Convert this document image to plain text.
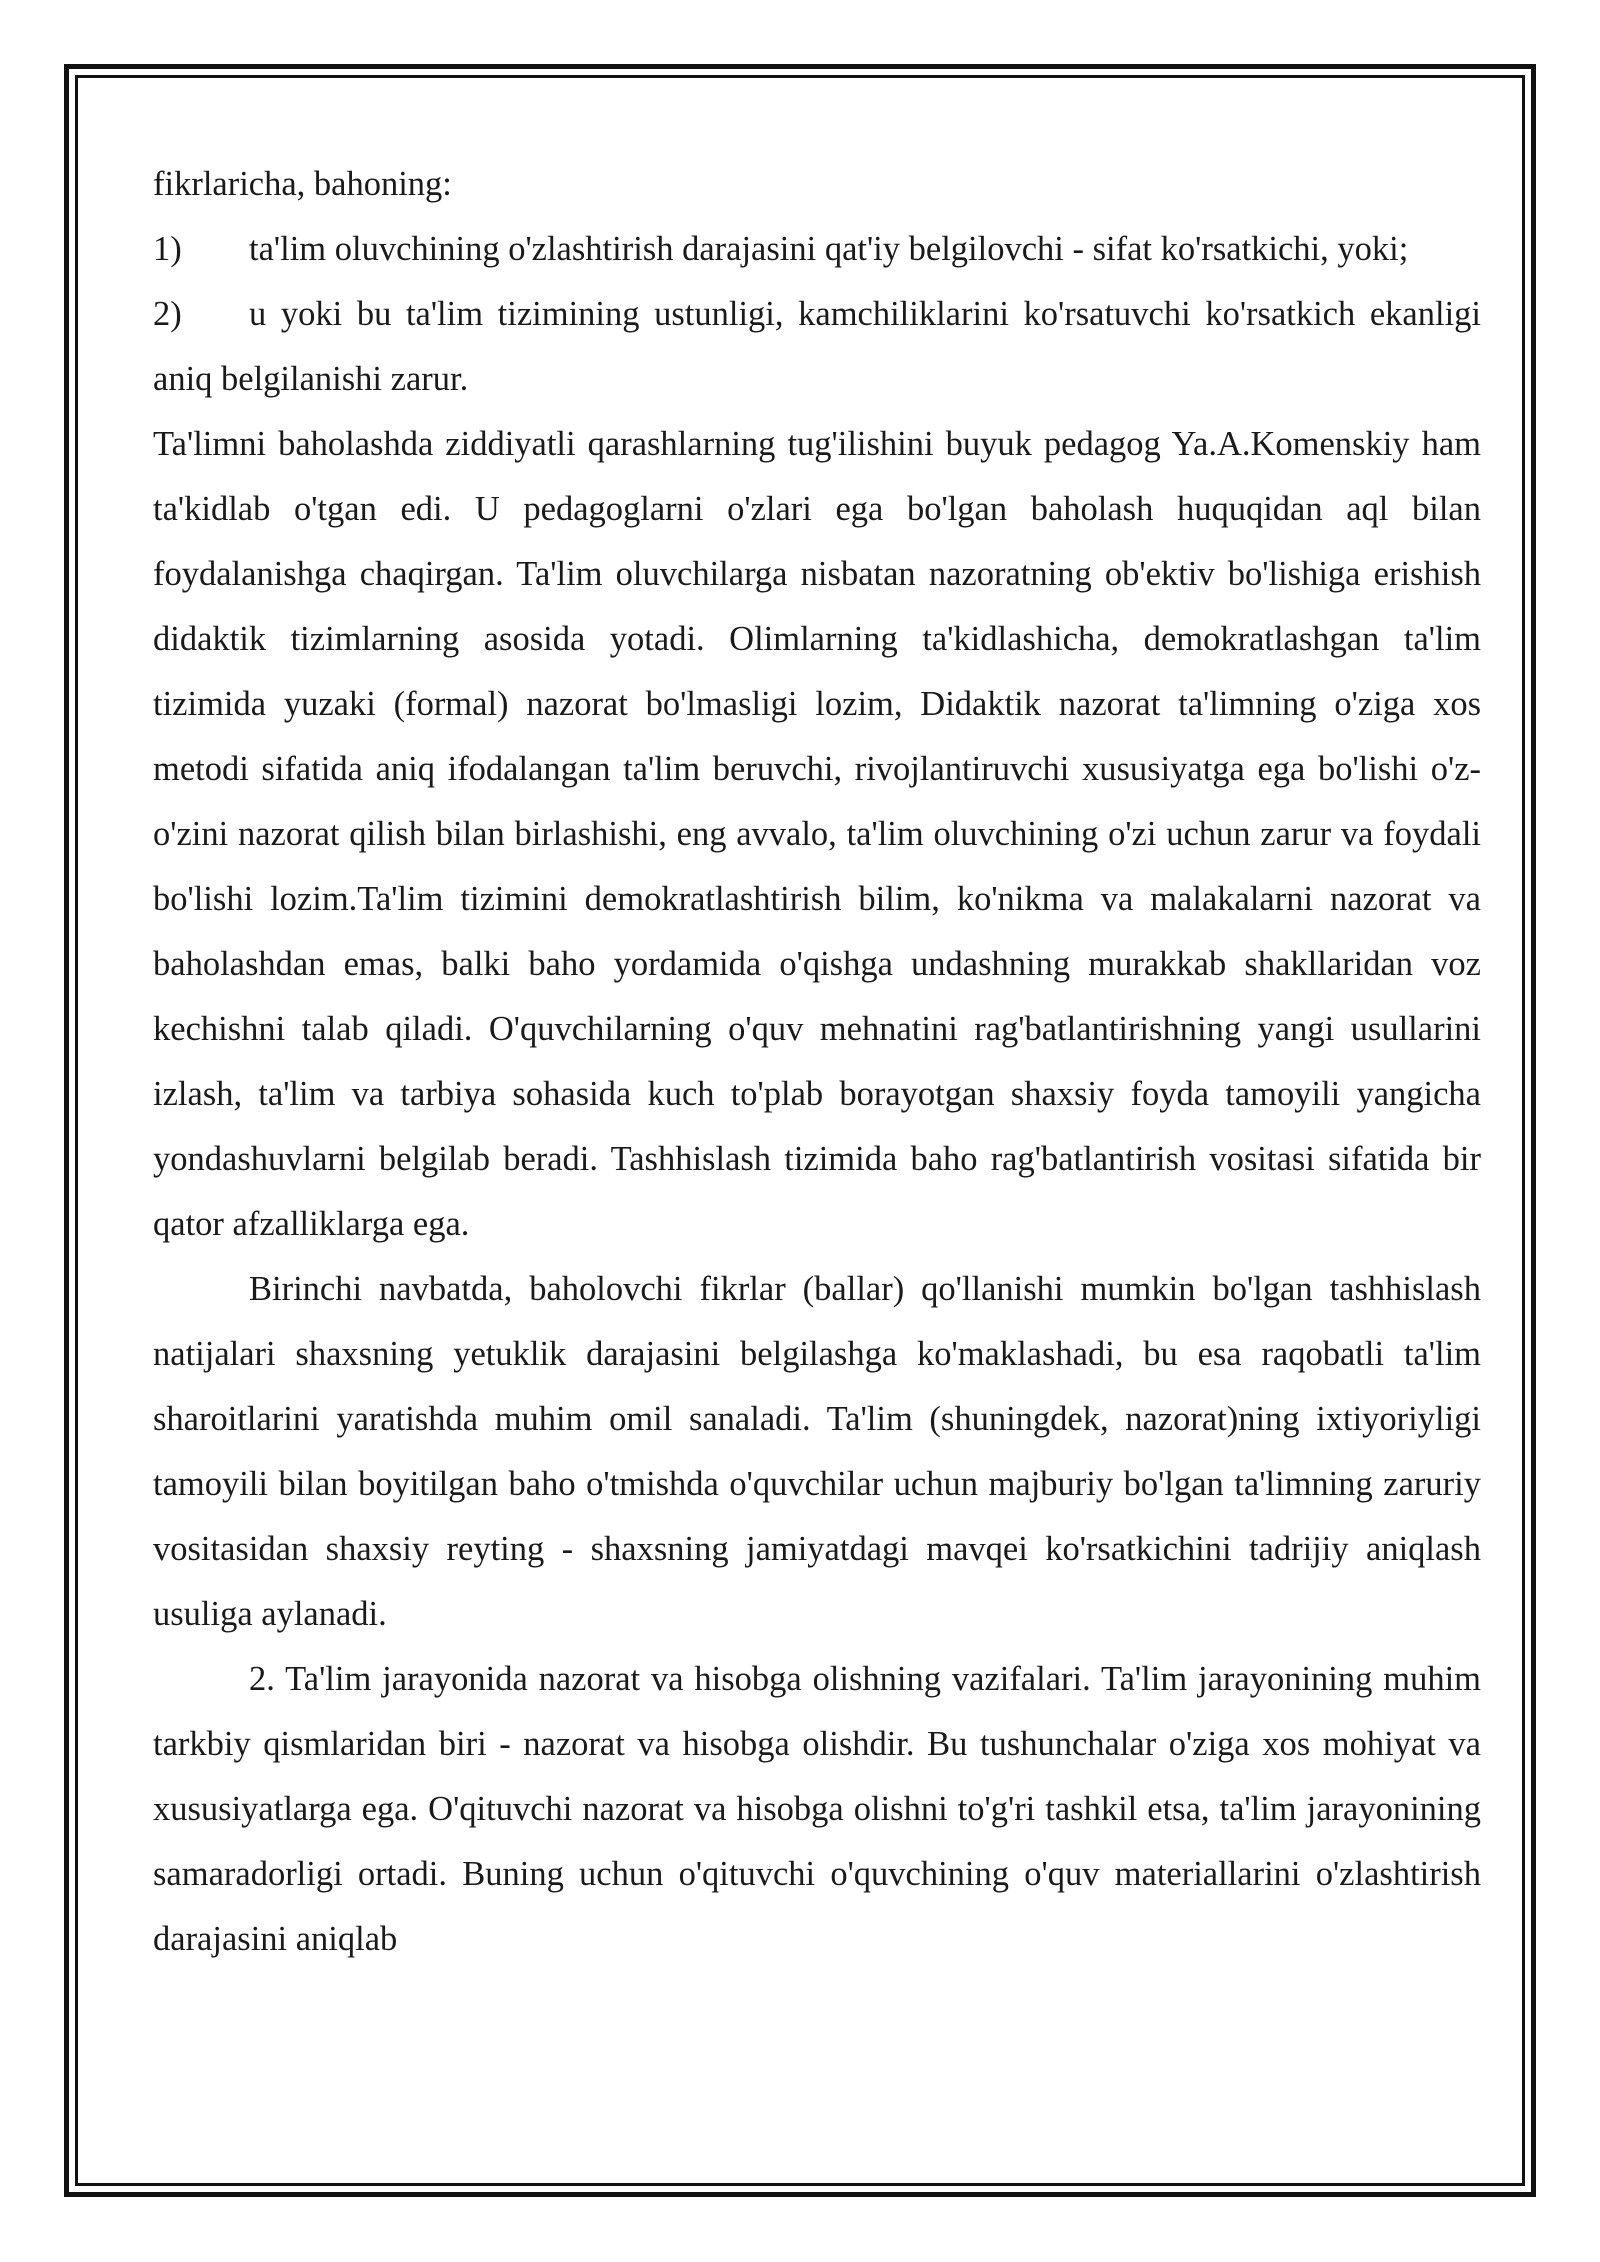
fikrlaricha, bahoning:

1) ta'lim oluvchining o'zlashtirish darajasini qat'iy belgilovchi - sifat ko'rsatkichi, yoki;

2) u yoki bu ta'lim tizimining ustunligi, kamchiliklarini ko'rsatuvchi ko'rsatkich ekanligi aniq belgilanishi zarur.

Ta'limni baholashda ziddiyatli qarashlarning tug'ilishini buyuk pedagog Ya.A.Komenskiy ham ta'kidlab o'tgan edi. U pedagoglarni o'zlari ega bo'lgan baholash huquqidan aql bilan foydalanishga chaqirgan. Ta'lim oluvchilarga nisbatan nazoratning ob'ektiv bo'lishiga erishish didaktik tizimlarning asosida yotadi. Olimlarning ta'kidlashicha, demokratlashgan ta'lim tizimida yuzaki (formal) nazorat bo'lmasligi lozim, Didaktik nazorat ta'limning o'ziga xos metodi sifatida aniq ifodalangan ta'lim beruvchi, rivojlantiruvchi xususiyatga ega bo'lishi o'z-o'zini nazorat qilish bilan birlashishi, eng avvalo, ta'lim oluvchining o'zi uchun zarur va foydali bo'lishi lozim.Ta'lim tizimini demokratlashtirish bilim, ko'nikma va malakalarni nazorat va baholashdan emas, balki baho yordamida o'qishga undashning murakkab shakllaridan voz kechishni talab qiladi. O'quvchilarning o'quv mehnatini rag'batlantirishning yangi usullarini izlash, ta'lim va tarbiya sohasida kuch to'plab borayotgan shaxsiy foyda tamoyili yangicha yondashuvlarni belgilab beradi. Tashhislash tizimida baho rag'batlantirish vositasi sifatida bir qator afzalliklarga ega.

Birinchi navbatda, baholovchi fikrlar (ballar) qo'llanishi mumkin bo'lgan tashhislash natijalari shaxsning yetuklik darajasini belgilashga ko'maklashadi, bu esa raqobatli ta'lim sharoitlarini yaratishda muhim omil sanaladi. Ta'lim (shuningdek, nazorat)ning ixtiyoriyligi tamoyili bilan boyitilgan baho o'tmishda o'quvchilar uchun majburiy bo'lgan ta'limning zaruriy vositasidan shaxsiy reyting - shaxsning jamiyatdagi mavqei ko'rsatkichini tadrijiy aniqlash usuliga aylanadi.

2. Ta'lim jarayonida nazorat va hisobga olishning vazifalari. Ta'lim jarayonining muhim tarkbiy qismlaridan biri - nazorat va hisobga olishdir. Bu tushunchalar o'ziga xos mohiyat va xususiyatlarga ega. O'qituvchi nazorat va hisobga olishni to'g'ri tashkil etsa, ta'lim jarayonining samaradorligi ortadi. Buning uchun o'qituvchi o'quvchining o'quv materiallarini o'zlashtirish darajasini aniqlab
